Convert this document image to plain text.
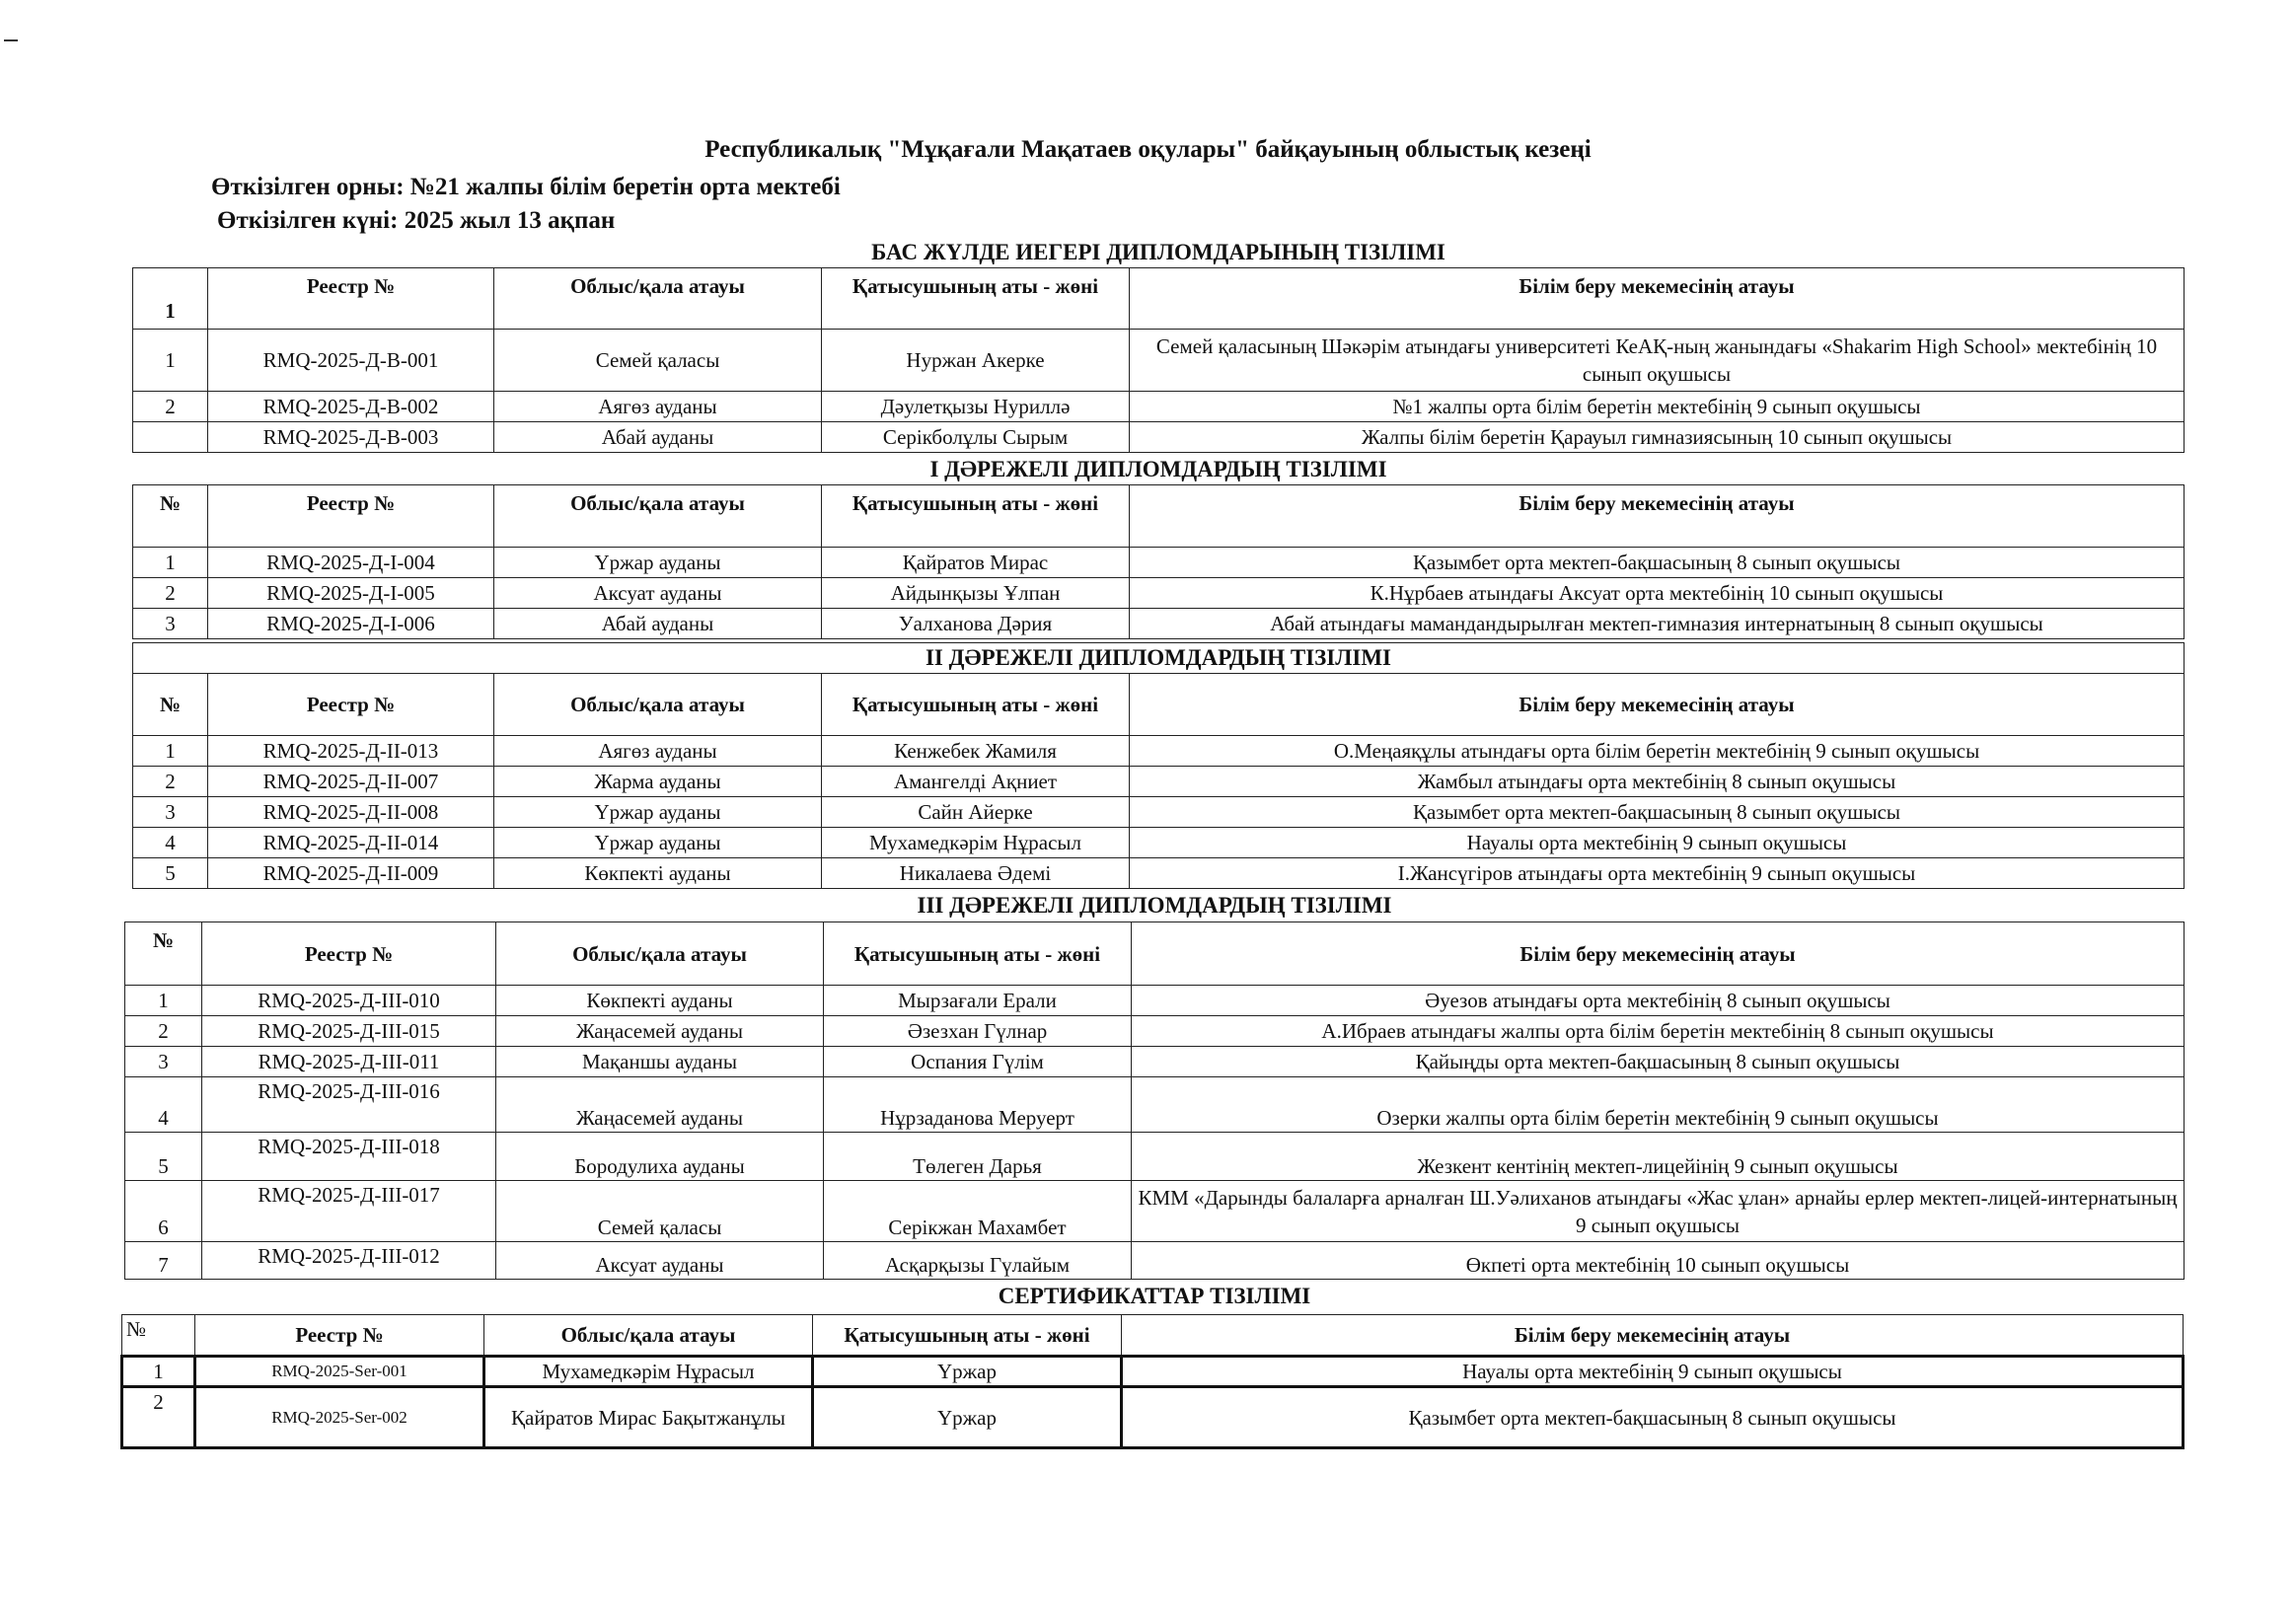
Республикалық "Мұқағали Мақатаев оқулары" байқауының облыстық кезеңі
Өткізілген орны: №21 жалпы білім беретін орта мектебі
Өткізілген күні: 2025 жыл 13 ақпан
БАС ЖҮЛДЕ ИЕГЕРІ ДИПЛОМДАРЫНЫҢ ТІЗІЛІМІ
1	Реестр №	Облыс/қала атауы	Қатысушының аты - жөні	Білім беру мекемесінің атауы
1	RMQ-2025-Д-В-001	Семей қаласы	Нуржан Акерке	Семей қаласының Шәкәрім атындағы университеті КеАҚ-ның жанындағы «Shakarim High School» мектебінің 10 сынып оқушысы
2	RMQ-2025-Д-В-002	Аягөз ауданы	Дәулетқызы Нуриллә	№1 жалпы орта білім беретін мектебінің 9 сынып оқушысы
	RMQ-2025-Д-В-003	Абай ауданы	Серікболұлы Сырым	Жалпы білім беретін Қарауыл гимназиясының 10 сынып оқушысы
I ДӘРЕЖЕЛІ ДИПЛОМДАРДЫҢ ТІЗІЛІМІ
№	Реестр №	Облыс/қала атауы	Қатысушының аты - жөні	Білім беру мекемесінің атауы
1	RMQ-2025-Д-I-004	Үржар ауданы	Қайратов Мирас	Қазымбет орта мектеп-бақшасының 8 сынып оқушысы
2	RMQ-2025-Д-I-005	Аксуат ауданы	Айдынқызы Ұлпан	К.Нұрбаев атындағы Аксуат орта мектебінің 10 сынып оқушысы
3	RMQ-2025-Д-I-006	Абай ауданы	Уалханова Дәрия	Абай атындағы мамандандырылған мектеп-гимназия интернатының 8 сынып оқушысы
II ДӘРЕЖЕЛІ ДИПЛОМДАРДЫҢ ТІЗІЛІМІ				
№	Реестр №	Облыс/қала атауы	Қатысушының аты - жөні	Білім беру мекемесінің атауы
1	RMQ-2025-Д-II-013	Аягөз ауданы	Кенжебек Жамиля	О.Меңаяқұлы атындағы орта білім беретін мектебінің 9 сынып оқушысы
2	RMQ-2025-Д-II-007	Жарма ауданы	Амангелді Ақниет	Жамбыл атындағы орта мектебінің 8 сынып оқушысы
3	RMQ-2025-Д-II-008	Үржар ауданы	Сайн Айерке	Қазымбет орта мектеп-бақшасының 8 сынып оқушысы
4	RMQ-2025-Д-II-014	Үржар ауданы	Мухамедкәрім Нұрасыл	Науалы орта мектебінің 9 сынып оқушысы
5	RMQ-2025-Д-II-009	Көкпекті ауданы	Никалаева Әдемі	І.Жансүгіров атындағы орта мектебінің 9 сынып оқушысы
III ДӘРЕЖЕЛІ ДИПЛОМДАРДЫҢ ТІЗІЛІМІ
№	Реестр №	Облыс/қала атауы	Қатысушының аты - жөні	Білім беру мекемесінің атауы
1	RMQ-2025-Д-III-010	Көкпекті ауданы	Мырзағали Ерали	Әуезов атындағы орта мектебінің 8 сынып оқушысы
2	RMQ-2025-Д-III-015	Жаңасемей ауданы	Әзезхан Гүлнар	А.Ибраев атындағы жалпы орта білім беретін мектебінің 8 сынып оқушысы
3	RMQ-2025-Д-III-011	Мақаншы ауданы	Оспания Гүлім	Қайыңды орта мектеп-бақшасының 8 сынып оқушысы
4	RMQ-2025-Д-III-016	Жаңасемей ауданы	Нұрзаданова Меруерт	Озерки жалпы орта білім беретін мектебінің 9 сынып оқушысы
5	RMQ-2025-Д-III-018	Бородулиха ауданы	Төлеген Дарья	Жезкент кентінің мектеп-лицейінің 9 сынып оқушысы
6	RMQ-2025-Д-III-017	Семей қаласы	Серікжан Махамбет	КММ «Дарынды балаларға арналған Ш.Уәлиханов атындағы «Жас ұлан» арнайы ерлер мектеп-лицей-интернатының 9 сынып оқушысы
7	RMQ-2025-Д-III-012	Аксуат ауданы	Асқарқызы Гүлайым	Өкпеті орта мектебінің 10 сынып оқушысы
СЕРТИФИКАТТАР ТІЗІЛІМІ
№	Реестр №	Облыс/қала атауы	Қатысушының аты - жөні	Білім беру мекемесінің атауы
1	RMQ-2025-Ser-001	Мухамедкәрім Нұрасыл	Үржар	Науалы орта мектебінің 9 сынып оқушысы
2	RMQ-2025-Ser-002	Қайратов Мирас Бақытжанұлы	Үржар	Қазымбет орта мектеп-бақшасының 8 сынып оқушысы
